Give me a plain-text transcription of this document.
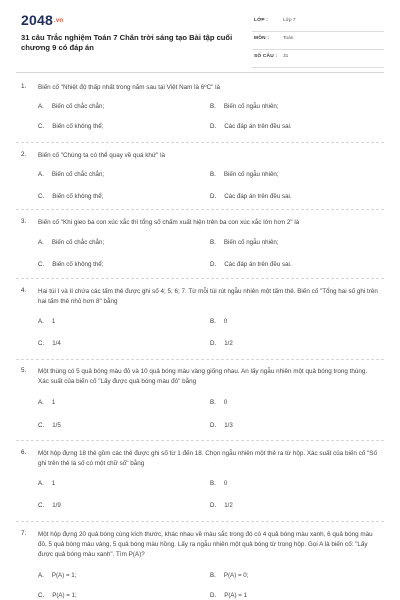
2048.vn
31 câu Trắc nghiệm Toán 7 Chân trời sáng tạo Bài tập cuối chương 9 có đáp án
LỚP :	Lớp 7
MÔN :	Toán
SỐ CÂU : 31
1. Biến cố "Nhiệt độ thấp nhất trong năm sau tại Việt Nam là 6ºC" là
A. Biến cố chắc chắn;	B. Biến cố ngẫu nhiên;
C. Biến cố không thể;	D. Các đáp án trên đều sai.
2. Biến cố "Chúng ta có thể quay về quá khứ" là
A. Biến cố chắc chắn;	B. Biến cố ngẫu nhiên;
C. Biến cố không thể;	D. Các đáp án trên đều sai.
3. Biến cố "Khi gieo ba con xúc xắc thì tổng số chấm xuất hiện trên ba con xúc xắc lớn hơn 2" là
A. Biến cố chắc chắn;	B. Biến cố ngẫu nhiên;
C. Biến cố không thể;	D. Các đáp án trên đều sai.
4. Hai túi I và II chứa các tấm thẻ được ghi số 4; 5; 6; 7. Từ mỗi túi rút ngẫu nhiên một tấm thẻ. Biến cố "Tổng hai số ghi trên hai tấm thẻ nhỏ hơn 8" bằng
A. 1	B. 0
C. 1/4	D. 1/2
5. Một thùng có 5 quả bóng màu đỏ và 10 quả bóng màu vàng giống nhau. An lấy ngẫu nhiên một quả bóng trong thùng. Xác suất của biến cố "Lấy được quả bóng màu đỏ" bằng
A. 1	B. 0
C. 1/5	D. 1/3
6. Một hộp đựng 18 thẻ gồm các thẻ được ghi số từ 1 đến 18. Chọn ngẫu nhiên một thẻ ra từ hộp. Xác suất của biến cố "Số ghi trên thẻ là số có một chữ số" bằng
A. 1	B. 0
C. 1/9	D. 1/2
7. Một hộp đựng 20 quả bóng cùng kích thước, khác nhau về màu sắc trong đó có 4 quả bóng màu xanh, 6 quả bóng màu đỏ, 5 quả bóng màu vàng, 5 quả bóng màu hồng. Lấy ra ngẫu nhiên một quả bóng từ trong hộp. Gọi A là biến cố: "Lấy được quả bóng màu xanh". Tìm P(A)?
A. P(A) = 1;	B. P(A) = 0;
C. P(A) = 1;	D. P(A) = 1
